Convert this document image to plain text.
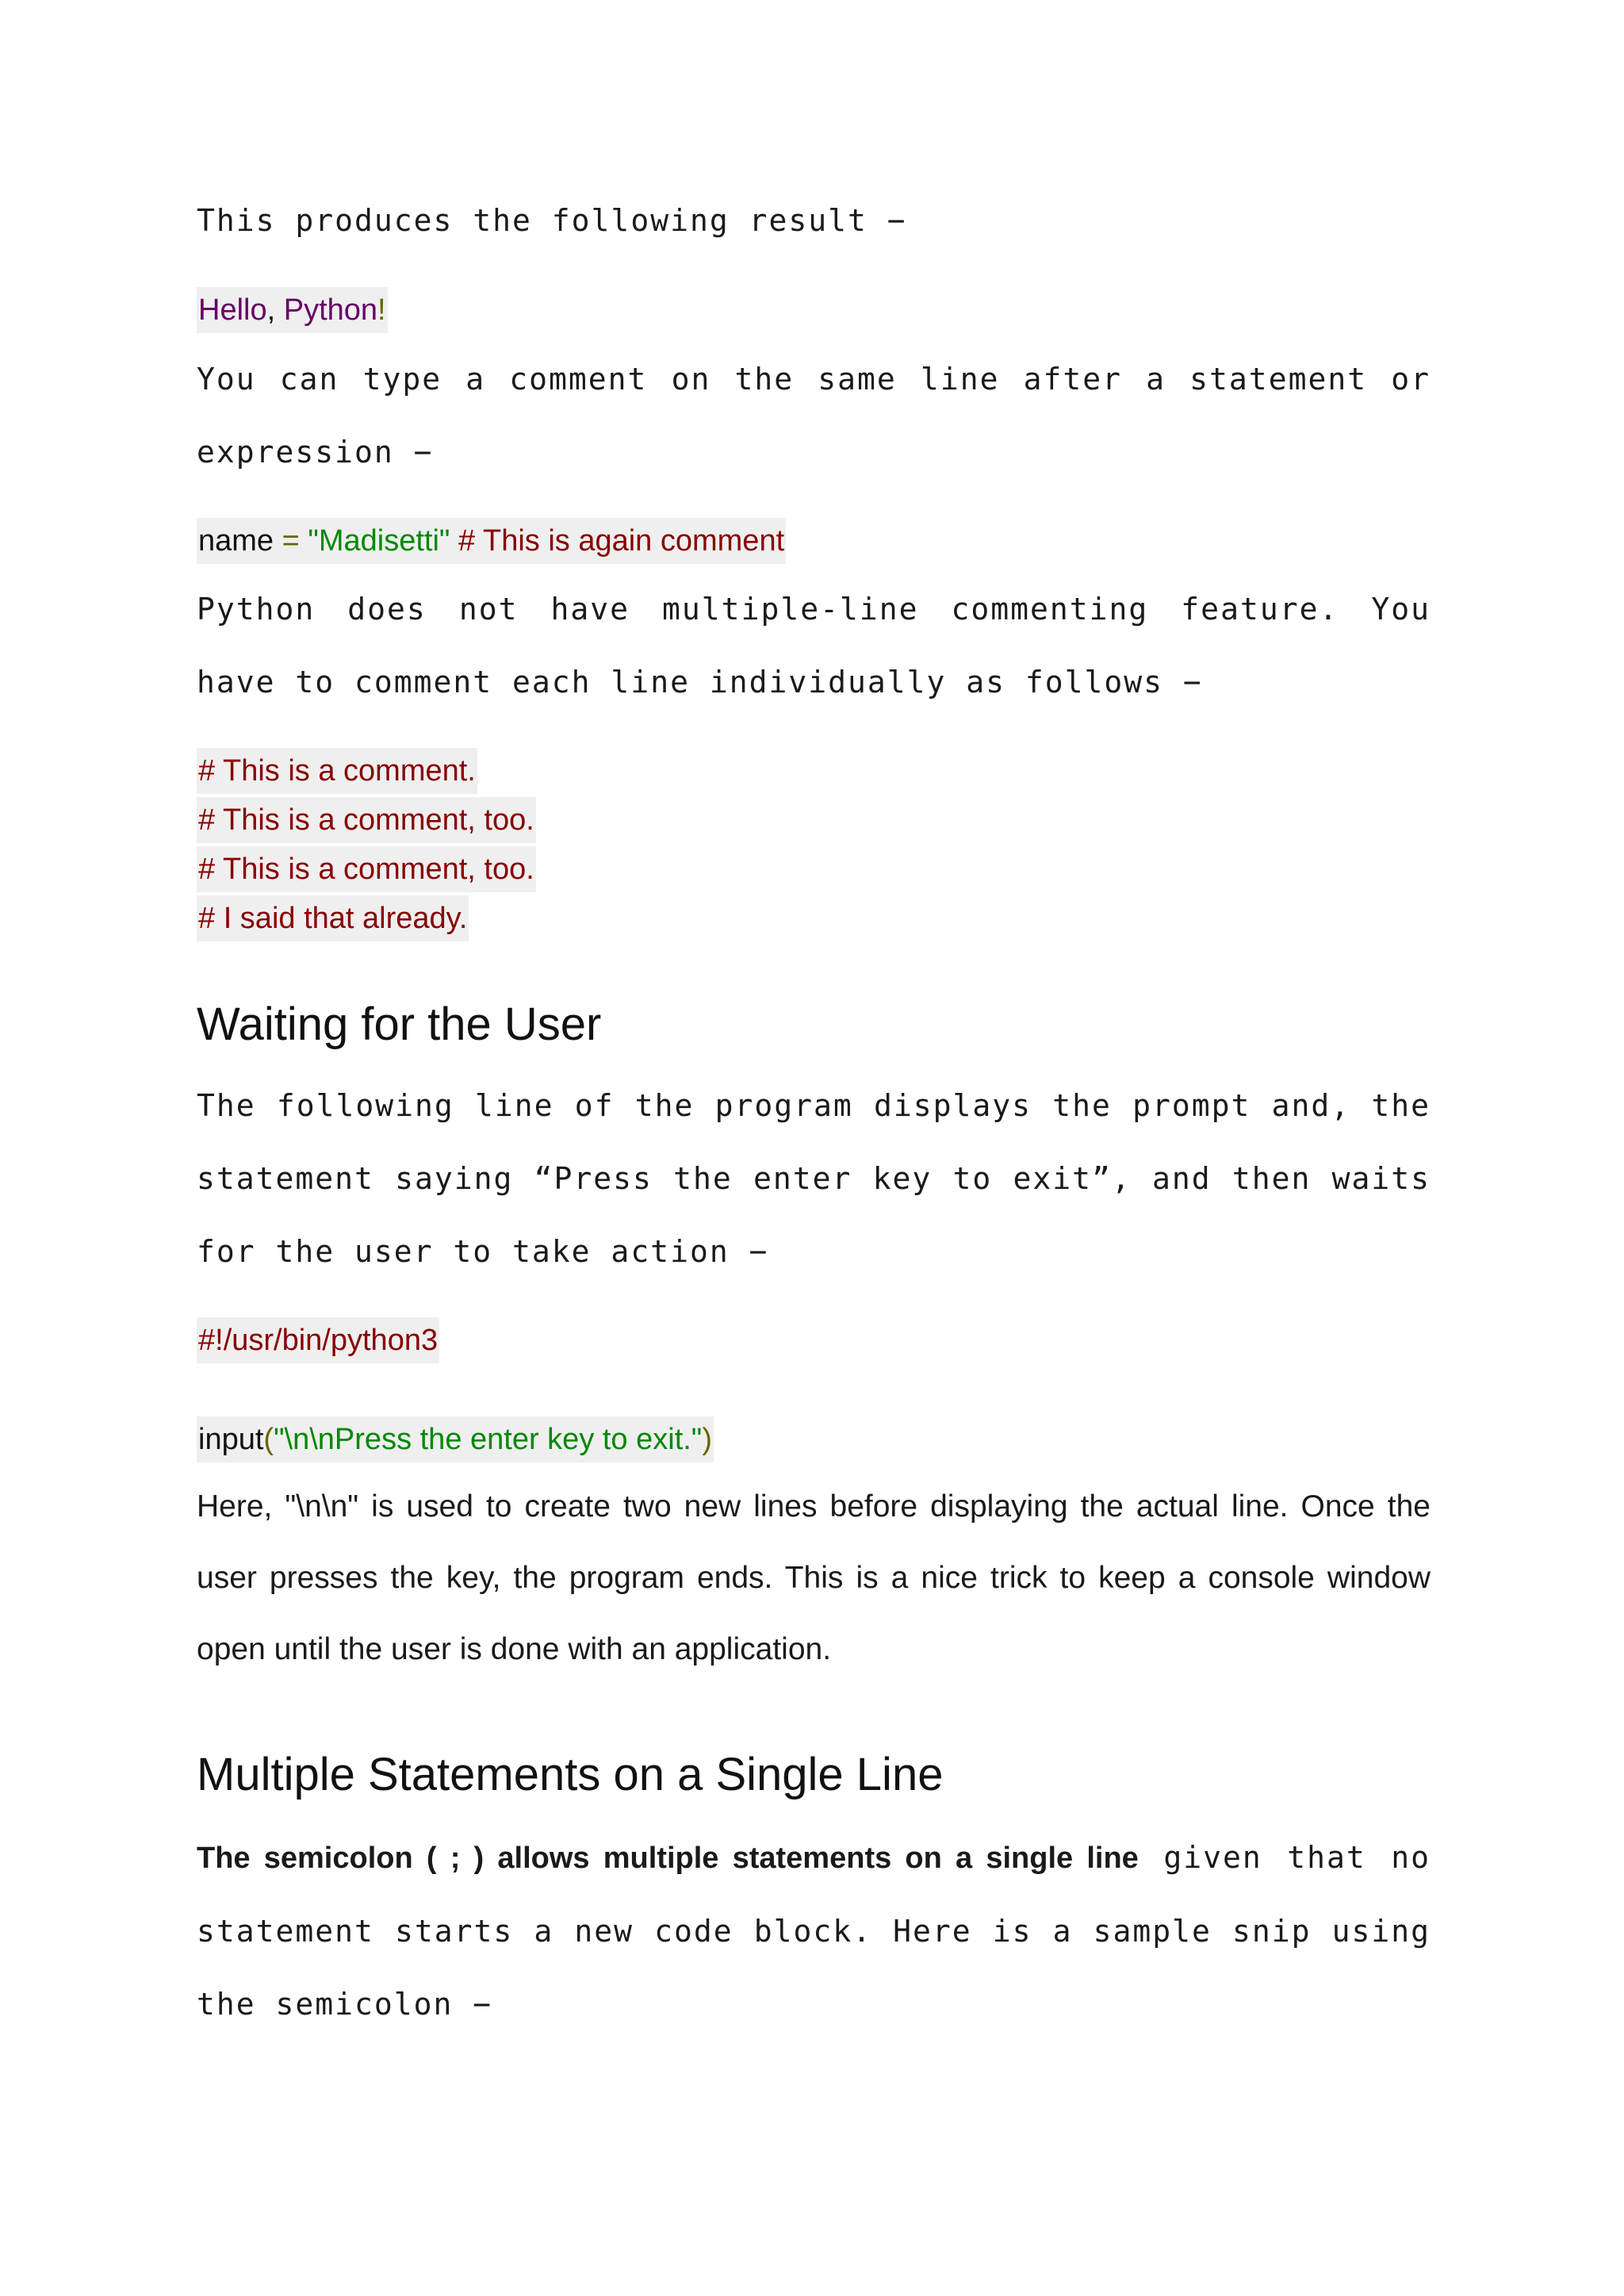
This produces the following result −

Hello, Python!

You can type a comment on the same line after a statement or expression −

name = "Madisetti" # This is again comment

Python does not have multiple-line commenting feature. You have to comment each line individually as follows −

# This is a comment.
# This is a comment, too.
# This is a comment, too.
# I said that already.
Waiting for the User

The following line of the program displays the prompt and, the statement saying “Press the enter key to exit”, and then waits for the user to take action −

#!/usr/bin/python3
input("\n\nPress the enter key to exit.")

Here, "\n\n" is used to create two new lines before displaying the actual line. Once the user presses the key, the program ends. This is a nice trick to keep a console window open until the user is done with an application.

Multiple Statements on a Single Line

The semicolon ( ; ) allows multiple statements on a single line given that no statement starts a new code block. Here is a sample snip using the semicolon −
